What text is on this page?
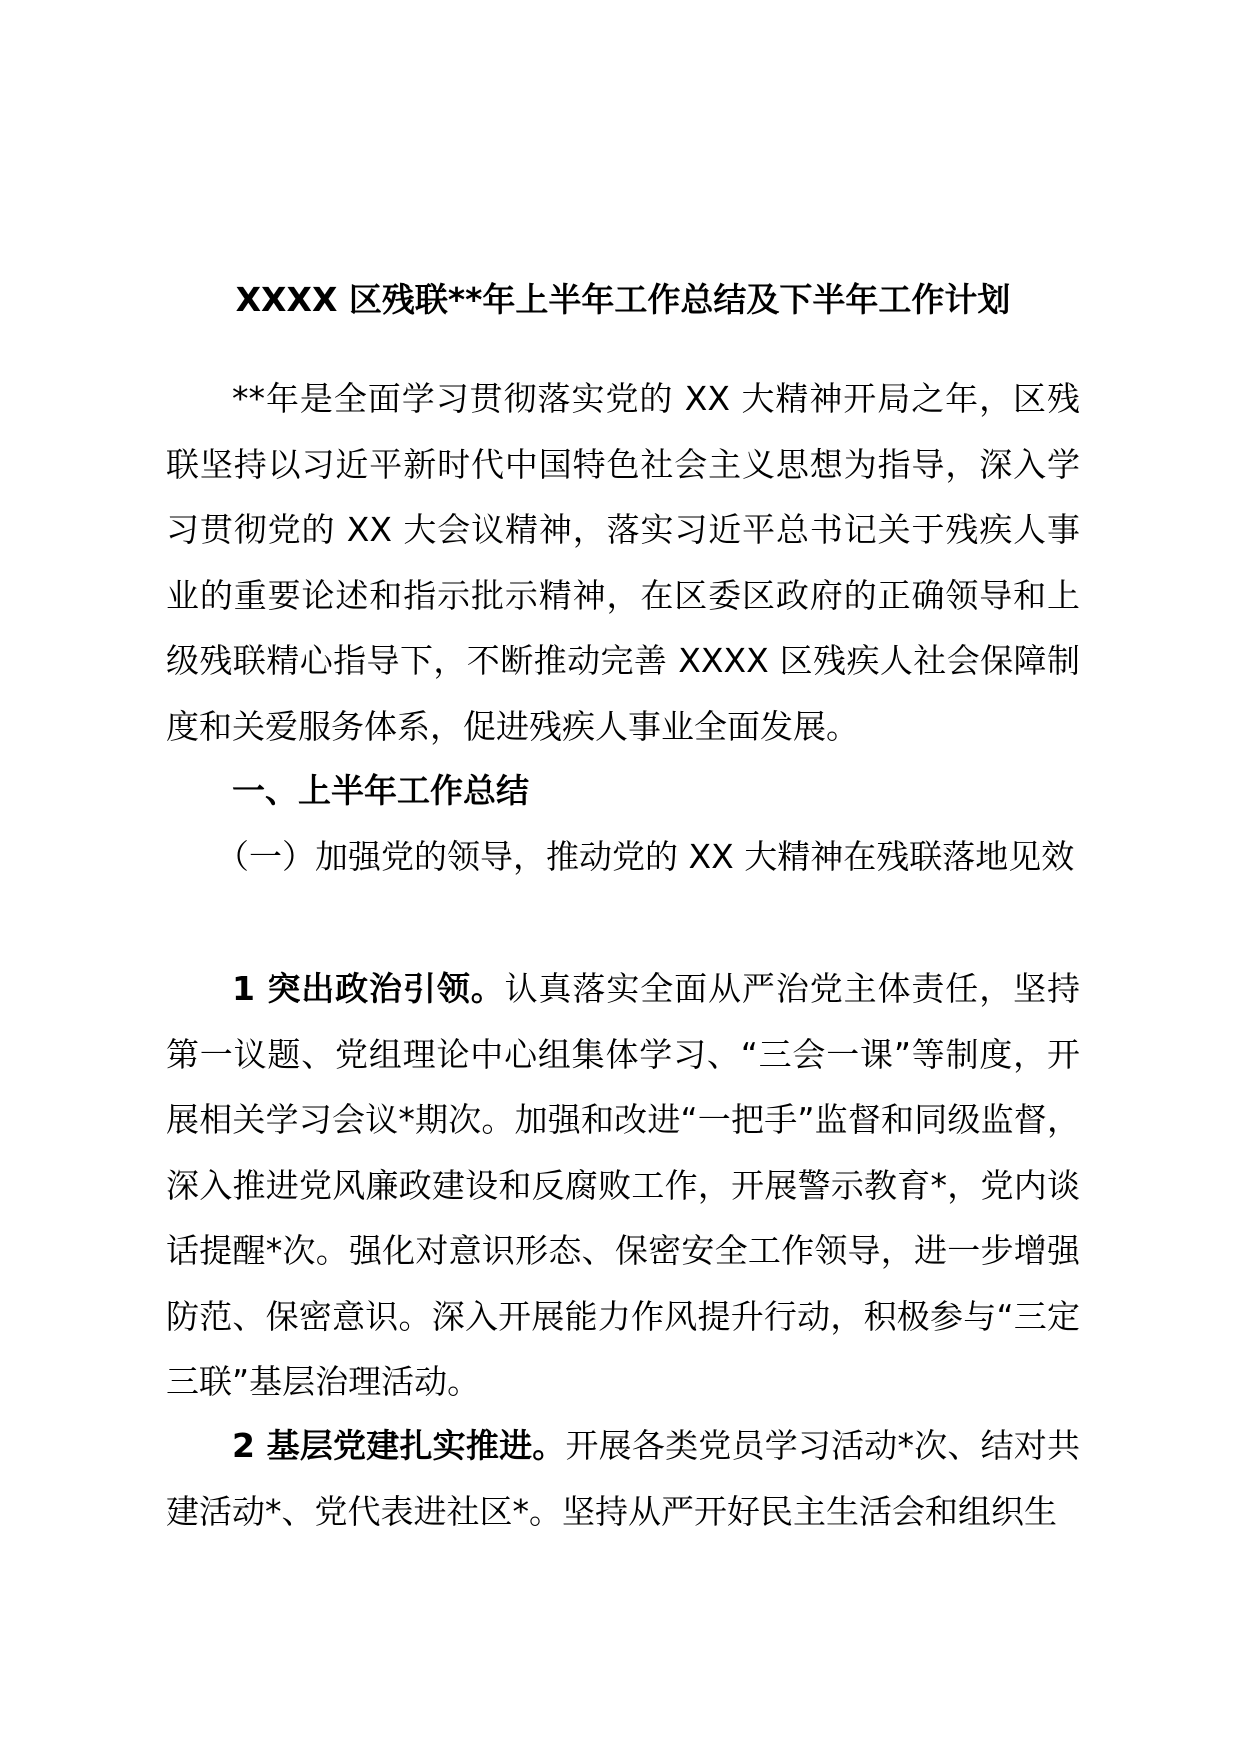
XXXX 区残联**年上半年工作总结及下半年工作计划

**年是全面学习贯彻落实党的 XX 大精神开局之年，区残联坚持以习近平新时代中国特色社会主义思想为指导，深入学习贯彻党的 XX 大会议精神，落实习近平总书记关于残疾人事业的重要论述和指示批示精神，在区委区政府的正确领导和上级残联精心指导下，不断推动完善 XXXX 区残疾人社会保障制度和关爱服务体系，促进残疾人事业全面发展。

一、上半年工作总结

（一）加强党的领导，推动党的 XX 大精神在残联落地见效

1 突出政治引领。认真落实全面从严治党主体责任，坚持第一议题、党组理论中心组集体学习、“三会一课”等制度，开展相关学习会议*期次。加强和改进“一把手”监督和同级监督，深入推进党风廉政建设和反腐败工作，开展警示教育*，党内谈话提醒*次。强化对意识形态、保密安全工作领导，进一步增强防范、保密意识。深入开展能力作风提升行动，积极参与“三定三联”基层治理活动。

2 基层党建扎实推进。开展各类党员学习活动*次、结对共建活动*、党代表进社区*。坚持从严开好民主生活会和组织生
